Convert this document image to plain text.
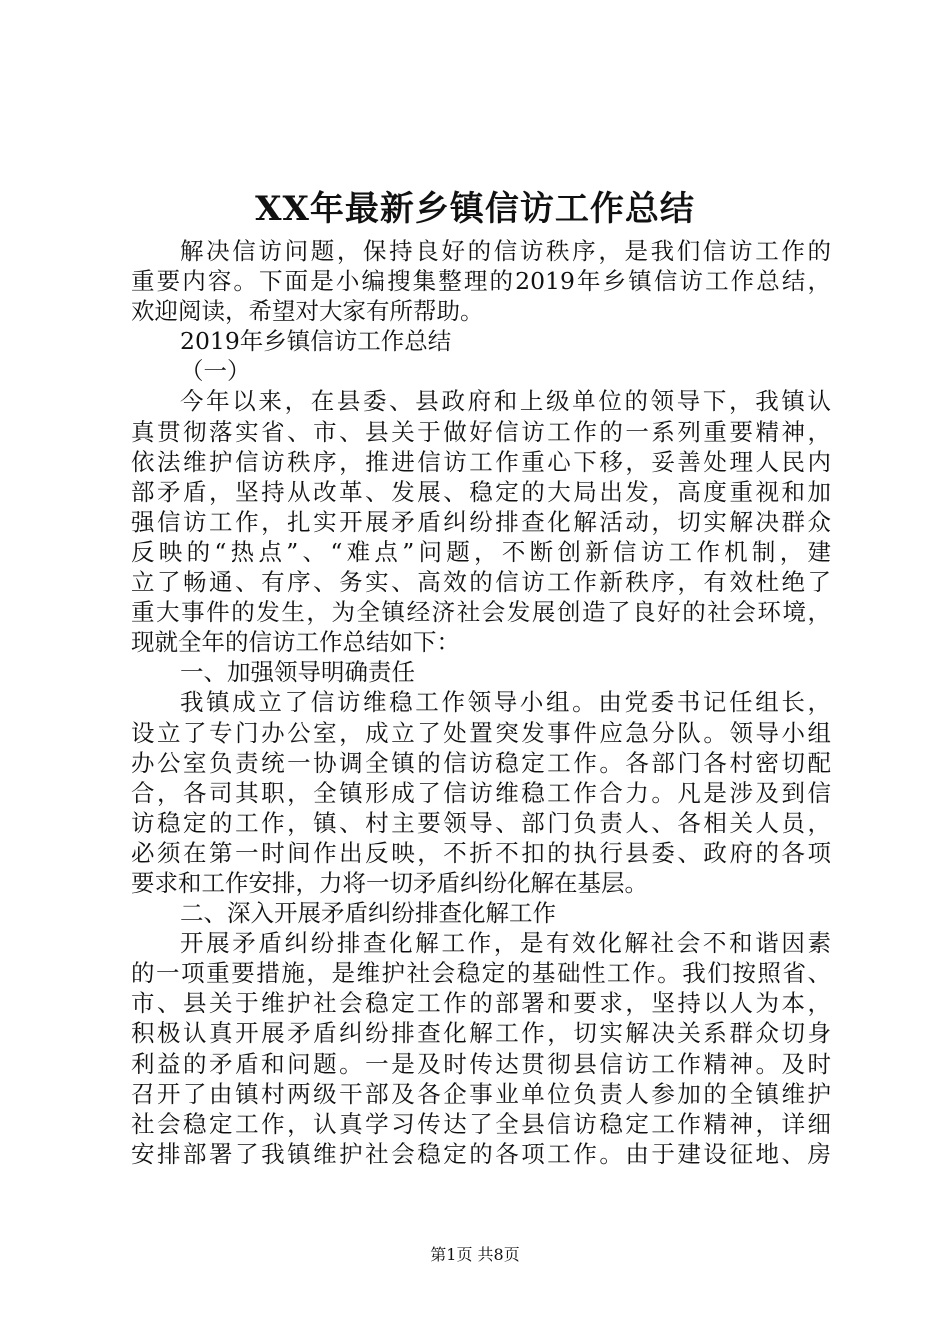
XX年最新乡镇信访工作总结
解决信访问题，保持良好的信访秩序，是我们信访工作的
重要内容。下面是小编搜集整理的2019年乡镇信访工作总结，
欢迎阅读，希望对大家有所帮助。
2019年乡镇信访工作总结
（一）
今年以来，在县委、县政府和上级单位的领导下，我镇认
真贯彻落实省、市、县关于做好信访工作的一系列重要精神，
依法维护信访秩序，推进信访工作重心下移，妥善处理人民内
部矛盾，坚持从改革、发展、稳定的大局出发，高度重视和加
强信访工作，扎实开展矛盾纠纷排查化解活动，切实解决群众
反映的“热点”、“难点”问题，不断创新信访工作机制，建
立了畅通、有序、务实、高效的信访工作新秩序，有效杜绝了
重大事件的发生，为全镇经济社会发展创造了良好的社会环境，
现就全年的信访工作总结如下：
一、加强领导明确责任
我镇成立了信访维稳工作领导小组。由党委书记任组长，
设立了专门办公室，成立了处置突发事件应急分队。领导小组
办公室负责统一协调全镇的信访稳定工作。各部门各村密切配
合，各司其职，全镇形成了信访维稳工作合力。凡是涉及到信
访稳定的工作，镇、村主要领导、部门负责人、各相关人员，
必须在第一时间作出反映，不折不扣的执行县委、政府的各项
要求和工作安排，力将一切矛盾纠纷化解在基层。
二、深入开展矛盾纠纷排查化解工作
开展矛盾纠纷排查化解工作，是有效化解社会不和谐因素
的一项重要措施，是维护社会稳定的基础性工作。我们按照省、
市、县关于维护社会稳定工作的部署和要求，坚持以人为本，
积极认真开展矛盾纠纷排查化解工作，切实解决关系群众切身
利益的矛盾和问题。一是及时传达贯彻县信访工作精神。及时
召开了由镇村两级干部及各企事业单位负责人参加的全镇维护
社会稳定工作，认真学习传达了全县信访稳定工作精神，详细
安排部署了我镇维护社会稳定的各项工作。由于建设征地、房
第1页 共8页
